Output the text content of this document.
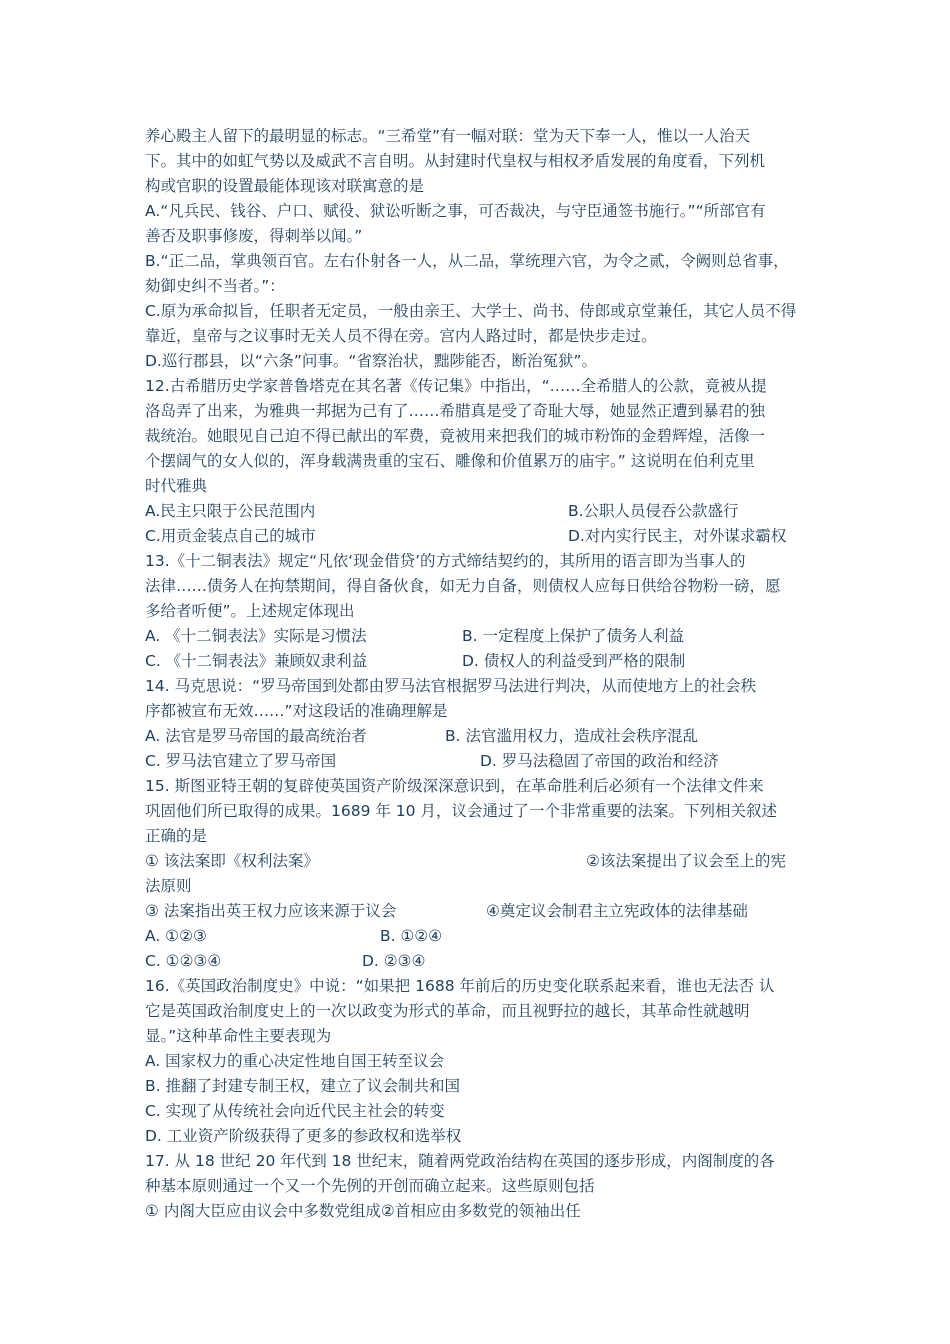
养心殿主人留下的最明显的标志。“三希堂”有一幅对联：堂为天下奉一人，惟以一人治天
下。其中的如虹气势以及威武不言自明。从封建时代皇权与相权矛盾发展的角度看，下列机
构或官职的设置最能体现该对联寓意的是
A.“凡兵民、钱谷、户口、赋役、狱讼听断之事，可否裁决，与守臣通签书施行。”“所部官有
善否及职事修废，得刺举以闻。”
B.“正二品，掌典领百官。左右仆射各一人，从二品，掌统理六官，为令之贰，令阙则总省事，
劾御史纠不当者。”：
C.原为承命拟旨，任职者无定员，一般由亲王、大学士、尚书、侍郎或京堂兼任，其它人员不得
靠近，皇帝与之议事时无关人员不得在旁。宫内人路过时，都是快步走过。
D.巡行郡县，以“六条”问事。“省察治状，黜陟能否，断治冤狱”。
12.古希腊历史学家普鲁塔克在其名著《传记集》中指出，“……全希腊人的公款，竟被从提
洛岛弄了出来，为雅典一邦据为己有了……希腊真是受了奇耻大辱，她显然正遭到暴君的独
裁统治。她眼见自己迫不得已献出的军费，竟被用来把我们的城市粉饰的金碧辉煌，活像一
个摆阔气的女人似的，浑身载满贵重的宝石、雕像和价值累万的庙宇。” 这说明在伯利克里
时代雅典
A.民主只限于公民范围内	B.公职人员侵吞公款盛行
C.用贡金装点自己的城市	D.对内实行民主，对外谋求霸权
13.《十二铜表法》规定“凡依‘现金借贷’的方式缔结契约的，其所用的语言即为当事人的
法律……债务人在拘禁期间，得自备伙食，如无力自备，则债权人应每日供给谷物粉一磅，愿
多给者听便”。上述规定体现出
A. 《十二铜表法》实际是习惯法	B. 一定程度上保护了债务人利益
C. 《十二铜表法》兼顾奴隶利益	D. 债权人的利益受到严格的限制
14. 马克思说：“罗马帝国到处都由罗马法官根据罗马法进行判决，从而使地方上的社会秩
序都被宣布无效……”对这段话的准确理解是
A. 法官是罗马帝国的最高统治者	B. 法官滥用权力，造成社会秩序混乱
C. 罗马法官建立了罗马帝国	D. 罗马法稳固了帝国的政治和经济
15. 斯图亚特王朝的复辟使英国资产阶级深深意识到，在革命胜利后必须有一个法律文件来
巩固他们所已取得的成果。1689 年 10 月，议会通过了一个非常重要的法案。下列相关叙述
正确的是
① 该法案即《权利法案》	②该法案提出了议会至上的宪
法原则
③ 法案指出英王权力应该来源于议会	④奠定议会制君主立宪政体的法律基础
A. ①②③	B. ①②④
C. ①②③④	D. ②③④
16.《英国政治制度史》中说：“如果把 1688 年前后的历史变化联系起来看，谁也无法否 认
它是英国政治制度史上的一次以政变为形式的革命，而且视野拉的越长，其革命性就越明
显。”这种革命性主要表现为
A. 国家权力的重心决定性地自国王转至议会
B. 推翻了封建专制王权，建立了议会制共和国
C. 实现了从传统社会向近代民主社会的转变
D. 工业资产阶级获得了更多的参政权和选举权
17. 从 18 世纪 20 年代到 18 世纪末，随着两党政治结构在英国的逐步形成，内阁制度的各
种基本原则通过一个又一个先例的开创而确立起来。这些原则包括
① 内阁大臣应由议会中多数党组成②首相应由多数党的领袖出任
